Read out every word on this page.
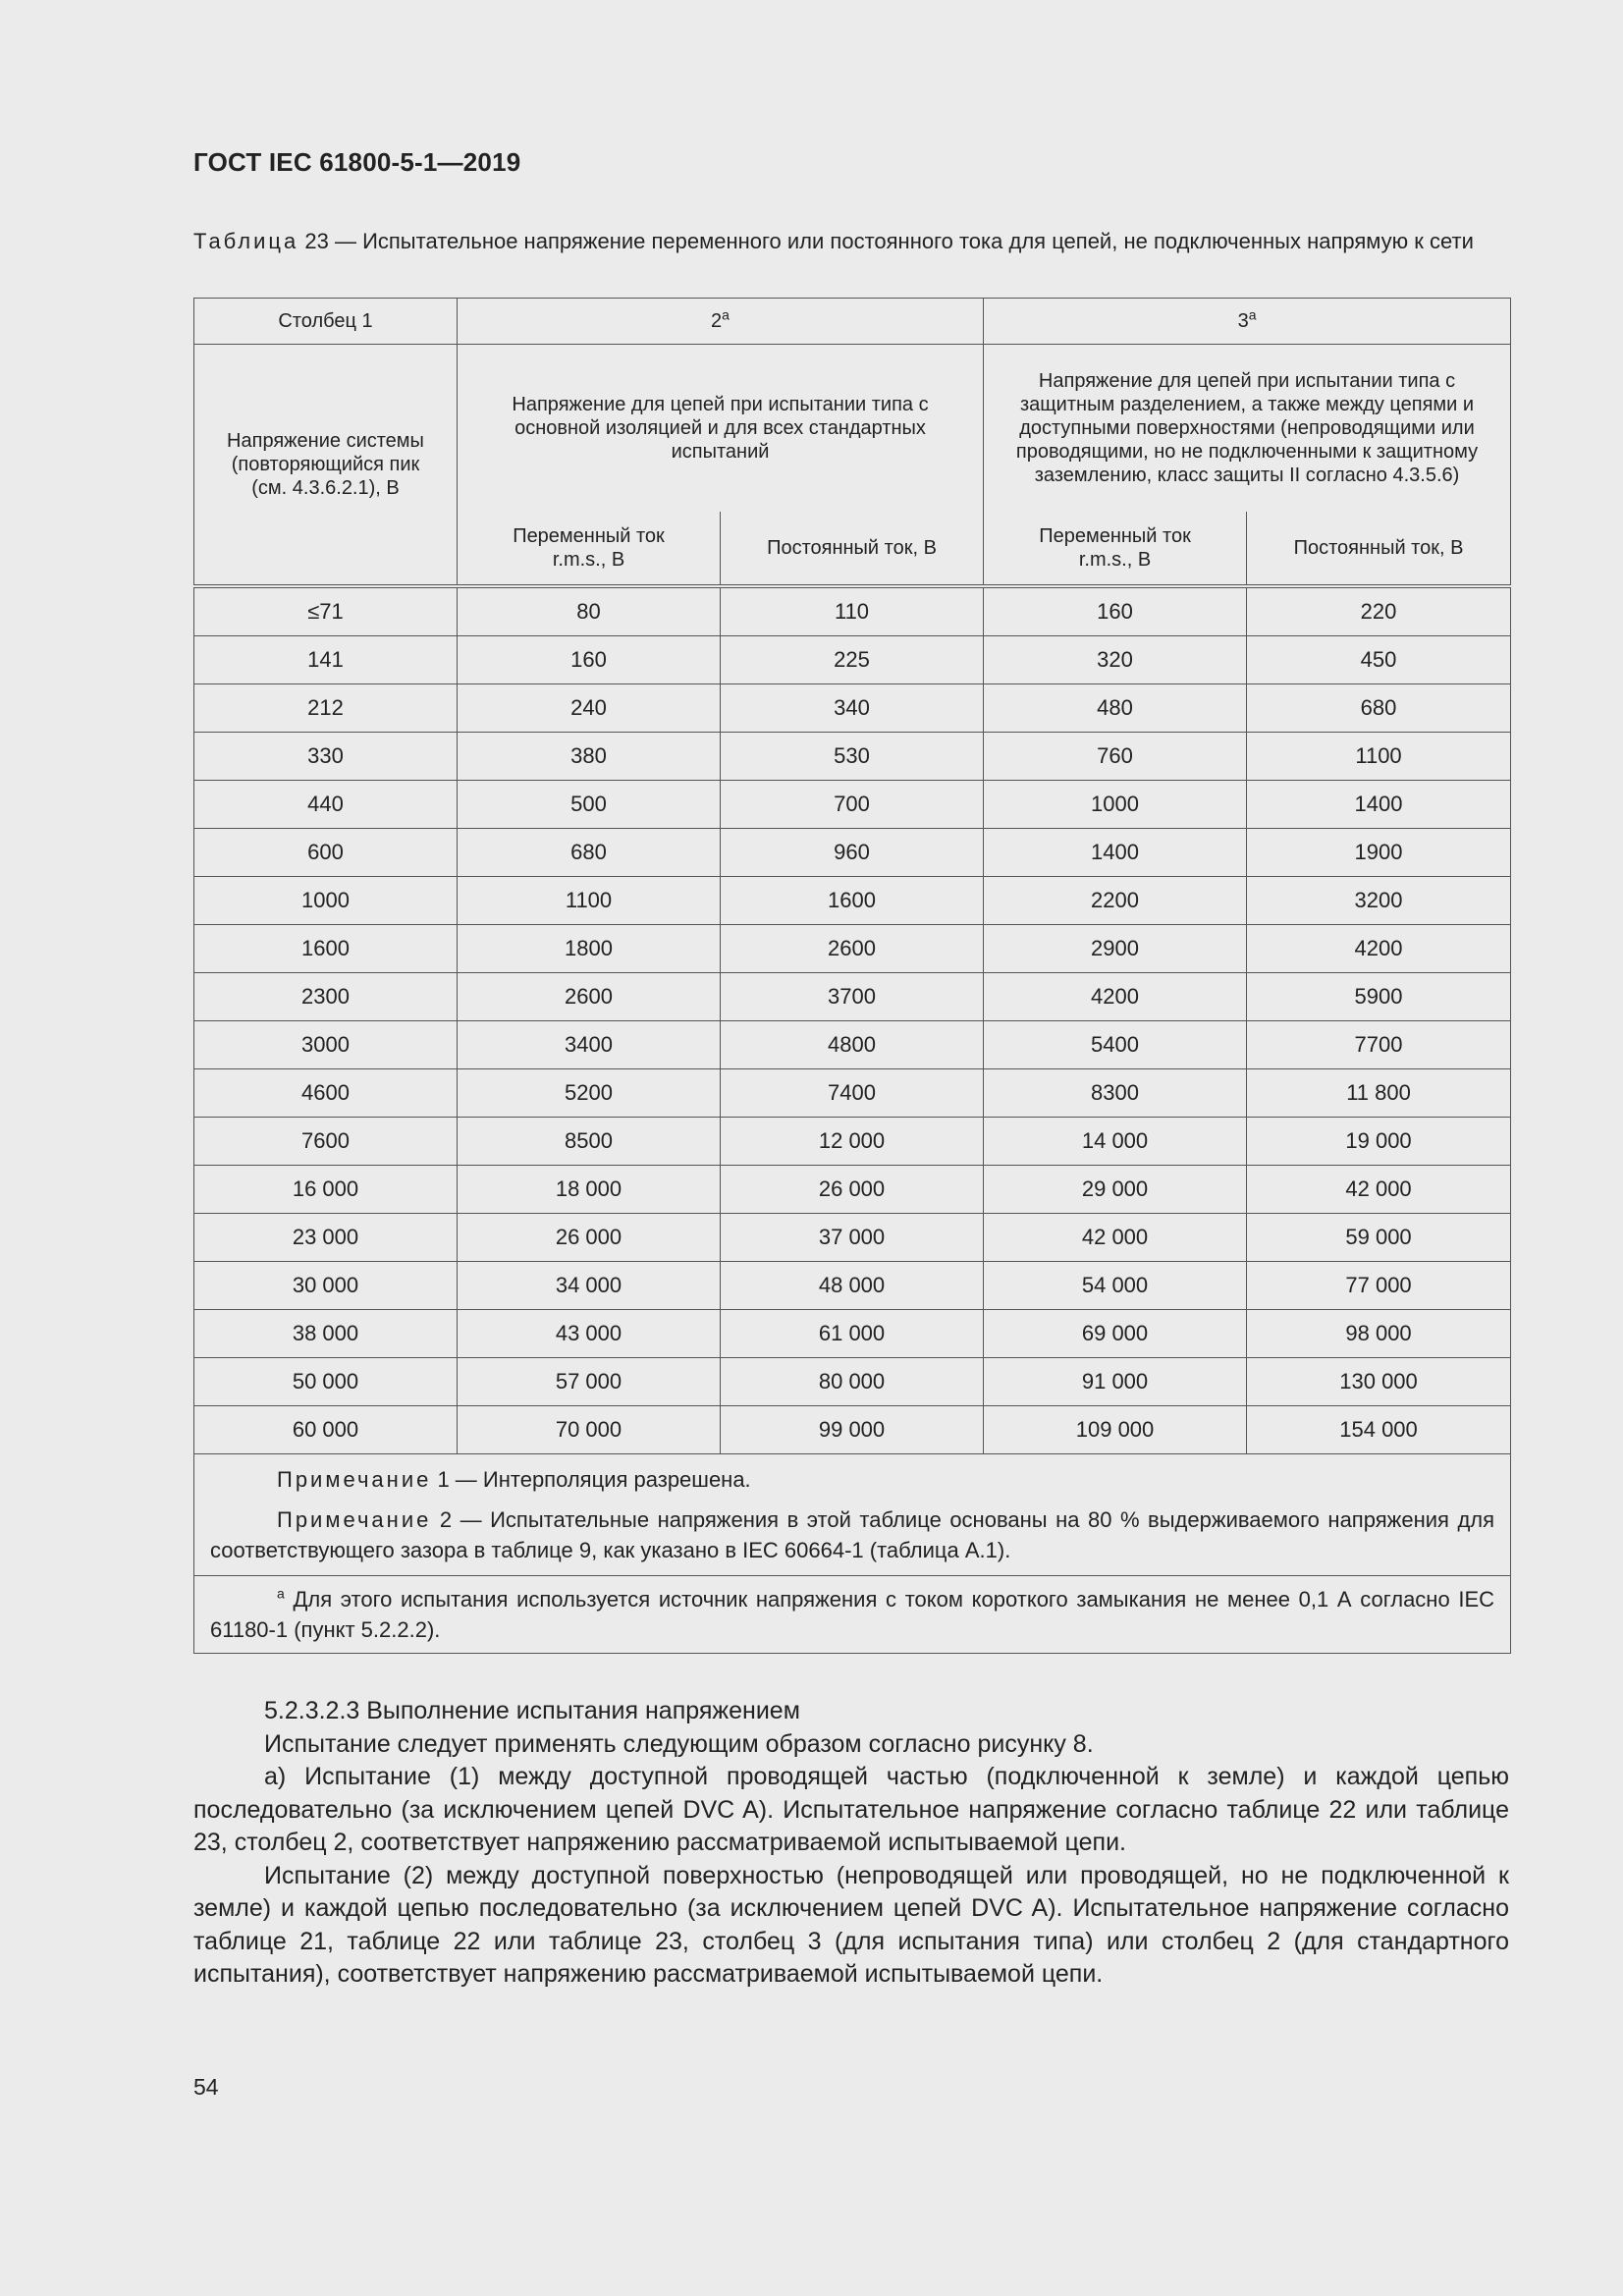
ГОСТ IEC 61800-5-1—2019
Таблица 23 — Испытательное напряжение переменного или постоянного тока для цепей, не подключенных напрямую к сети
Столбец 1	2$^a$		3$^a$
Напряжение системы (повторяющийся пик (см. 4.3.6.2.1), В	Напряжение для цепей при испытании типа с основной изоляцией и для всех стандартных испытаний		Напряжение для цепей при испытании типа с защитным разделением, а также между цепями и доступными поверхностями (непроводящими или проводящими, но не подключенными к защитному заземлению, класс защиты II согласно 4.3.5.6)	
	Переменный ток r.m.s., В	Постоянный ток, В	Переменный ток r.m.s., В	Постоянный ток, В
≤71	80	110	160	220
141	160	225	320	450
212	240	340	480	680
330	380	530	760	1100
440	500	700	1000	1400
600	680	960	1400	1900
1000	1100	1600	2200	3200
1600	1800	2600	2900	4200
2300	2600	3700	4200	5900
3000	3400	4800	5400	7700
4600	5200	7400	8300	11 800
7600	8500	12 000	14 000	19 000
16 000	18 000	26 000	29 000	42 000
23 000	26 000	37 000	42 000	59 000
30 000	34 000	48 000	54 000	77 000
38 000	43 000	61 000	69 000	98 000
50 000	57 000	80 000	91 000	130 000
60 000	70 000	99 000	109 000	154 000

Примечание 1 — Интерполяция разрешена.

Примечание 2 — Испытательные напряжения в этой таблице основаны на 80 % выдерживаемого напряжения для соответствующего зазора в таблице 9, как указано в IEC 60664-1 (таблица А.1).				

$^a$ Для этого испытания используется источник напряжения с током короткого замыкания не менее 0,1 А согласно IEC 61180-1 (пункт 5.2.2.2).				

5.2.3.2.3 Выполнение испытания напряжением

Испытание следует применять следующим образом согласно рисунку 8.

а) Испытание (1) между доступной проводящей частью (подключенной к земле) и каждой цепью последовательно (за исключением цепей DVC A). Испытательное напряжение согласно таблице 22 или таблице 23, столбец 2, соответствует напряжению рассматриваемой испытываемой цепи.

Испытание (2) между доступной поверхностью (непроводящей или проводящей, но не подключенной к земле) и каждой цепью последовательно (за исключением цепей DVC A). Испытательное напряжение согласно таблице 21, таблице 22 или таблице 23, столбец 3 (для испытания типа) или столбец 2 (для стандартного испытания), соответствует напряжению рассматриваемой испытываемой цепи.

54
